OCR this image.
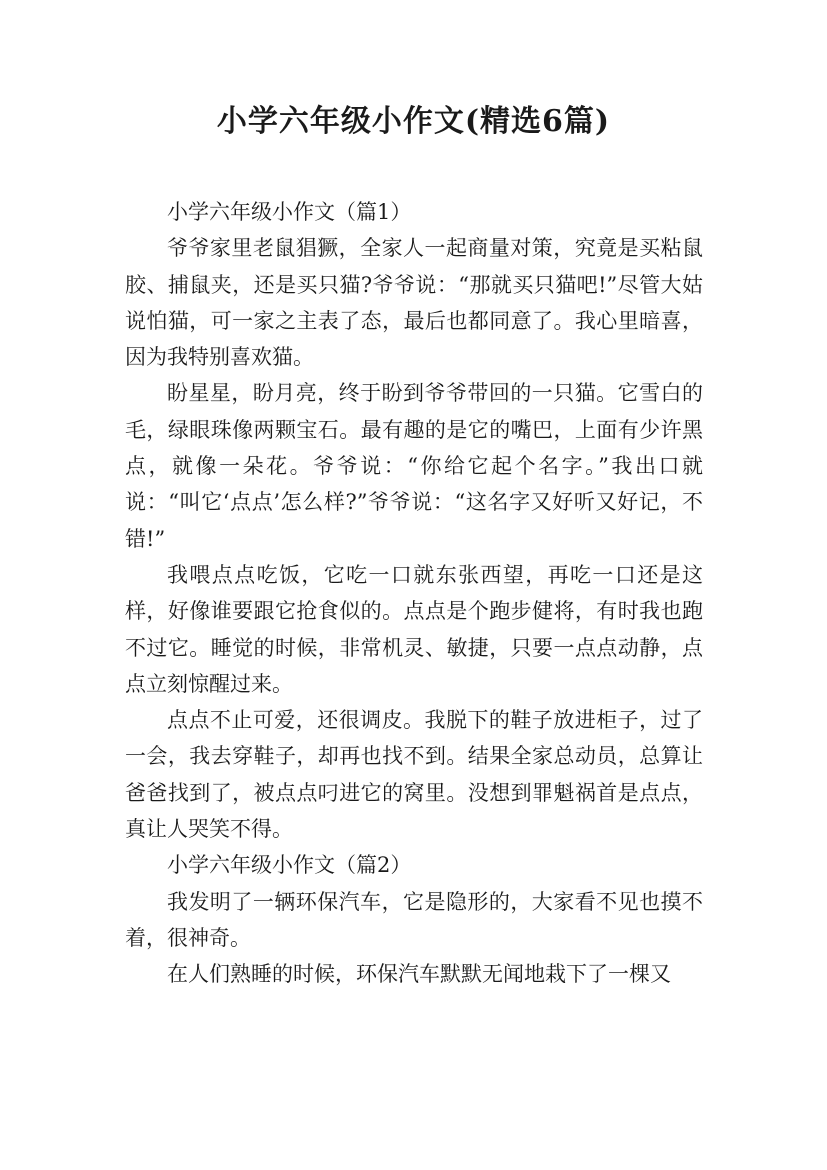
小学六年级小作文(精选6篇)

小学六年级小作文（篇1）

爷爷家里老鼠猖獗，全家人一起商量对策，究竟是买粘鼠胶、捕鼠夹，还是买只猫?爷爷说：“那就买只猫吧!”尽管大姑说怕猫，可一家之主表了态，最后也都同意了。我心里暗喜，因为我特别喜欢猫。

盼星星，盼月亮，终于盼到爷爷带回的一只猫。它雪白的毛，绿眼珠像两颗宝石。最有趣的是它的嘴巴，上面有少许黑点，就像一朵花。爷爷说：“你给它起个名字。”我出口就说：“叫它‘点点’怎么样?”爷爷说：“这名字又好听又好记，不错!”

我喂点点吃饭，它吃一口就东张西望，再吃一口还是这样，好像谁要跟它抢食似的。点点是个跑步健将，有时我也跑不过它。睡觉的时候，非常机灵、敏捷，只要一点点动静，点点立刻惊醒过来。

点点不止可爱，还很调皮。我脱下的鞋子放进柜子，过了一会，我去穿鞋子，却再也找不到。结果全家总动员，总算让爸爸找到了，被点点叼进它的窝里。没想到罪魁祸首是点点，真让人哭笑不得。

小学六年级小作文（篇2）

我发明了一辆环保汽车，它是隐形的，大家看不见也摸不着，很神奇。

在人们熟睡的时候，环保汽车默默无闻地栽下了一棵又
